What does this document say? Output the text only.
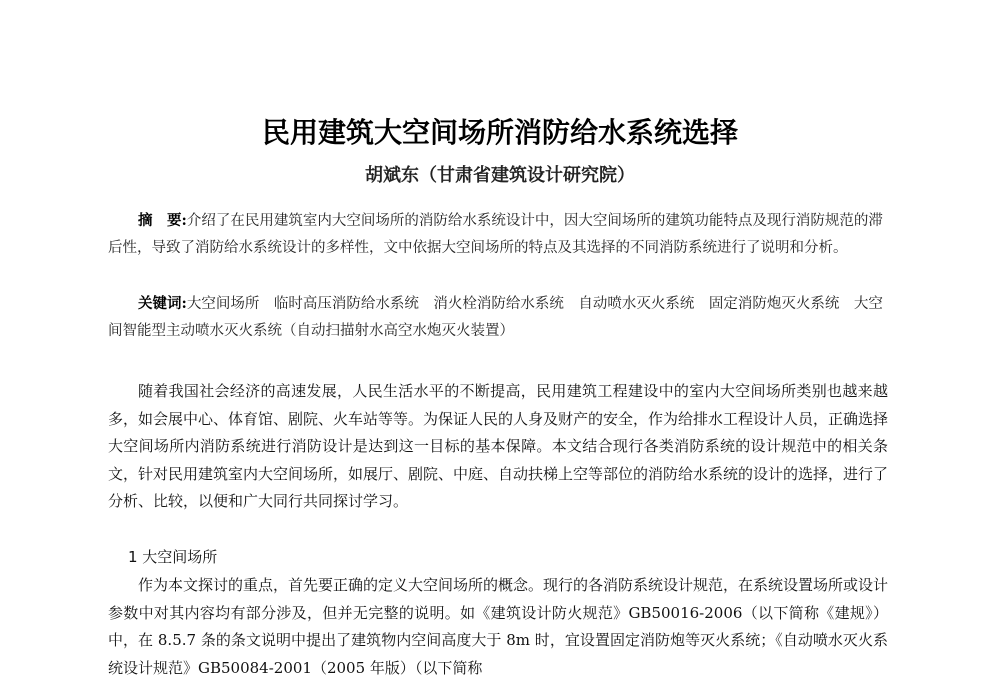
民用建筑大空间场所消防给水系统选择
胡斌东（甘肃省建筑设计研究院）

摘　要:介绍了在民用建筑室内大空间场所的消防给水系统设计中，因大空间场所的建筑功能特点及现行消防规范的滞后性，导致了消防给水系统设计的多样性，文中依据大空间场所的特点及其选择的不同消防系统进行了说明和分析。

关键词:大空间场所　临时高压消防给水系统　消火栓消防给水系统　自动喷水灭火系统　固定消防炮灭火系统　大空间智能型主动喷水灭火系统（自动扫描射水高空水炮灭火装置）

随着我国社会经济的高速发展，人民生活水平的不断提高，民用建筑工程建设中的室内大空间场所类别也越来越多，如会展中心、体育馆、剧院、火车站等等。为保证人民的人身及财产的安全，作为给排水工程设计人员，正确选择大空间场所内消防系统进行消防设计是达到这一目标的基本保障。本文结合现行各类消防系统的设计规范中的相关条文，针对民用建筑室内大空间场所，如展厅、剧院、中庭、自动扶梯上空等部位的消防给水系统的设计的选择，进行了分析、比较，以便和广大同行共同探讨学习。

1 大空间场所

作为本文探讨的重点，首先要正确的定义大空间场所的概念。现行的各消防系统设计规范，在系统设置场所或设计参数中对其内容均有部分涉及，但并无完整的说明。如《建筑设计防火规范》GB50016-2006（以下简称《建规》）中，在 8.5.7 条的条文说明中提出了建筑物内空间高度大于 8m 时，宜设置固定消防炮等灭火系统；《自动喷水灭火系统设计规范》GB50084-2001（2005 年版）（以下简称
